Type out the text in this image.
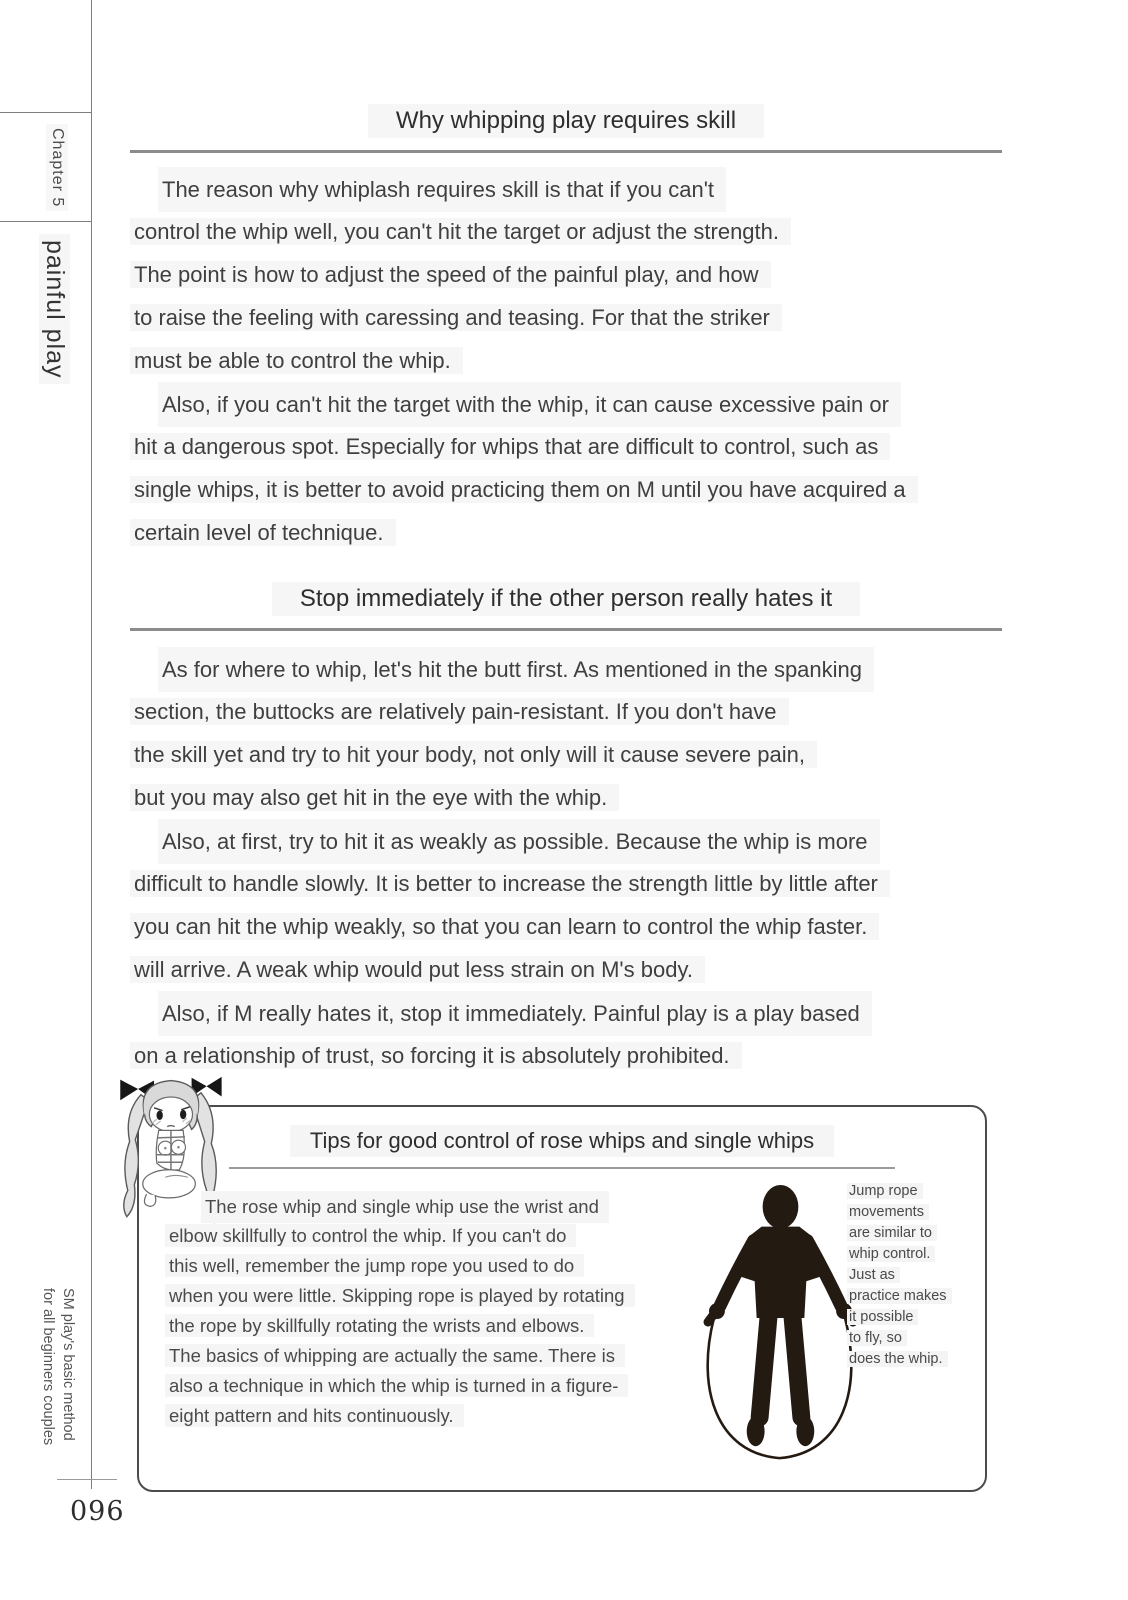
Chapter 5
painful play
SM play's basic method
for all beginners couples
096
Why whipping play requires skill
The reason why whiplash requires skill is that if you can't
control the whip well, you can't hit the target or adjust the strength.
The point is how to adjust the speed of the painful play, and how
to raise the feeling with caressing and teasing. For that the striker
must be able to control the whip.
Also, if you can't hit the target with the whip, it can cause excessive pain or
hit a dangerous spot. Especially for whips that are difficult to control, such as
single whips, it is better to avoid practicing them on M until you have acquired a
certain level of technique.
Stop immediately if the other person really hates it
As for where to whip, let's hit the butt first. As mentioned in the spanking
section, the buttocks are relatively pain-resistant. If you don't have
the skill yet and try to hit your body, not only will it cause severe pain,
but you may also get hit in the eye with the whip.
Also, at first, try to hit it as weakly as possible. Because the whip is more
difficult to handle slowly. It is better to increase the strength little by little after
you can hit the whip weakly, so that you can learn to control the whip faster.
will arrive. A weak whip would put less strain on M's body.
Also, if M really hates it, stop it immediately. Painful play is a play based
on a relationship of trust, so forcing it is absolutely prohibited.
Tips for good control of rose whips and single whips
The rose whip and single whip use the wrist and
elbow skillfully to control the whip. If you can't do
this well, remember the jump rope you used to do
when you were little. Skipping rope is played by rotating
the rope by skillfully rotating the wrists and elbows.
The basics of whipping are actually the same. There is
also a technique in which the whip is turned in a figure-
eight pattern and hits continuously.
Jump rope
movements
are similar to
whip control.
Just as
practice makes
it possible
to fly, so
does the whip.
